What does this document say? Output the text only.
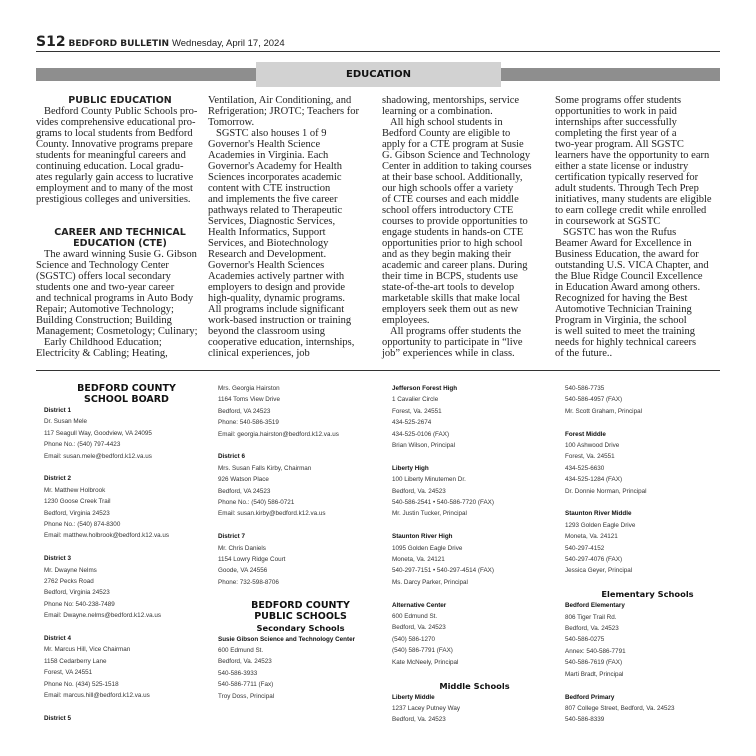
S12 BEDFORD BULLETIN Wednesday, April 17, 2024
EDUCATION
PUBLIC EDUCATION
Bedford County Public Schools pro-
vides comprehensive educational pro-
grams to local students from Bedford
County. Innovative programs prepare
students for meaningful careers and
continuing education. Local gradu-
ates regularly gain access to lucrative
employment and to many of the most
prestigious colleges and universities.
CAREER AND TECHNICAL
EDUCATION (CTE)
The award winning Susie G. Gibson
Science and Technology Center
(SGSTC) offers local secondary
students one and two-year career
and technical programs in Auto Body
Repair; Automotive Technology;
Building Construction; Building
Management; Cosmetology; Culinary;
Early Childhood Education;
Electricity & Cabling; Heating,
Ventilation, Air Conditioning, and
Refrigeration; JROTC; Teachers for
Tomorrow.
SGSTC also houses 1 of 9
Governor's Health Science
Academies in Virginia. Each
Governor's Academy for Health
Sciences incorporates academic
content with CTE instruction
and implements the five career
pathways related to Therapeutic
Services, Diagnostic Services,
Health Informatics, Support
Services, and Biotechnology
Research and Development.
Governor's Health Sciences
Academies actively partner with
employers to design and provide
high-quality, dynamic programs.
All programs include significant
work-based instruction or training
beyond the classroom using
cooperative education, internships,
clinical experiences, job
shadowing, mentorships, service
learning or a combination.
All high school students in
Bedford County are eligible to
apply for a CTE program at Susie
G. Gibson Science and Technology
Center in addition to taking courses
at their base school. Additionally,
our high schools offer a variety
of CTE courses and each middle
school offers introductory CTE
courses to provide opportunities to
engage students in hands-on CTE
opportunities prior to high school
and as they begin making their
academic and career plans. During
their time in BCPS, students use
state-of-the-art tools to develop
marketable skills that make local
employers seek them out as new
employees.
All programs offer students the
opportunity to participate in “live
job” experiences while in class.
Some programs offer students
opportunities to work in paid
internships after successfully
completing the first year of a
two-year program. All SGSTC
learners have the opportunity to earn
either a state license or industry
certification typically reserved for
adult students. Through Tech Prep
initiatives, many students are eligible
to earn college credit while enrolled
in coursework at SGSTC
SGSTC has won the Rufus
Beamer Award for Excellence in
Business Education, the award for
outstanding U.S. VICA Chapter, and
the Blue Ridge Council Excellence
in Education Award among others.
Recognized for having the Best
Automotive Technician Training
Program in Virginia, the school
is well suited to meet the training
needs for highly technical careers
of the future..
BEDFORD COUNTY
SCHOOL BOARD
District 1
Dr. Susan Mele
117 Seagull Way, Goodview, VA 24095
Phone No.: (540) 797-4423
Email: susan.mele@bedford.k12.va.us
District 2
Mr. Matthew Holbrook
1230 Goose Creek Trail
Bedford, Virginia 24523
Phone No.: (540) 874-8300
Email: matthew.holbrook@bedford.k12.va.us
District 3
Mr. Dwayne Nelms
2762 Pecks Road
Bedford, Virginia 24523
Phone No: 540-238-7489
Email: Dwayne.nelms@bedford.k12.va.us
District 4
Mr. Marcus Hill, Vice Chairman
1158 Cedarberry Lane
Forest, VA 24551
Phone No. (434) 525-1518
Email: marcus.hill@bedford.k12.va.us
District 5
Mrs. Georgia Hairston
1164 Toms View Drive
Bedford, VA 24523
Phone: 540-586-3519
Email: georgia.hairston@bedford.k12.va.us
District 6
Mrs. Susan Falls Kirby, Chairman
926 Watson Place
Bedford, VA 24523
Phone No.: (540) 586-0721
Email: susan.kirby@bedford.k12.va.us
District 7
Mr. Chris Daniels
1154 Lowry Ridge Court
Goode, VA 24556
Phone: 732-598-8706
BEDFORD COUNTY
PUBLIC SCHOOLS
Secondary Schools
Susie Gibson Science and Technology Center
600 Edmund St.
Bedford, Va. 24523
540-586-3933
540-586-7711 (Fax)
Troy Doss, Principal
Jefferson Forest High
1 Cavalier Circle
Forest, Va. 24551
434-525-2674
434-525-0106 (FAX)
Brian Wilson, Principal
Liberty High
100 Liberty Minutemen Dr.
Bedford, Va. 24523
540-586-2541 • 540-586-7720 (FAX)
Mr. Justin Tucker, Principal
Staunton River High
1095 Golden Eagle Drive
Moneta, Va. 24121
540-297-7151 • 540-297-4514 (FAX)
Ms. Darcy Parker, Principal
Alternative Center
600 Edmund St.
Bedford, Va. 24523
(540) 586-1270
(540) 586-7791 (FAX)
Kate McNeely, Principal
Middle Schools
Liberty Middle
1237 Lacey Putney Way
Bedford, Va. 24523
540-586-7735
540-586-4957 (FAX)
Mr. Scott Graham, Principal
Forest Middle
100 Ashwood Drive
Forest, Va. 24551
434-525-6630
434-525-1284 (FAX)
Dr. Donnie Norman, Principal
Staunton River Middle
1293 Golden Eagle Drive
Moneta, Va. 24121
540-297-4152
540-297-4076 (FAX)
Jessica Geyer, Principal
Elementary Schools
Bedford Elementary
806 Tiger Trail Rd.
Bedford, Va. 24523
540-586-0275
Annex: 540-586-7791
540-586-7619 (FAX)
Marti Bradt, Principal
Bedford Primary
807 College Street, Bedford, Va. 24523
540-586-8339
